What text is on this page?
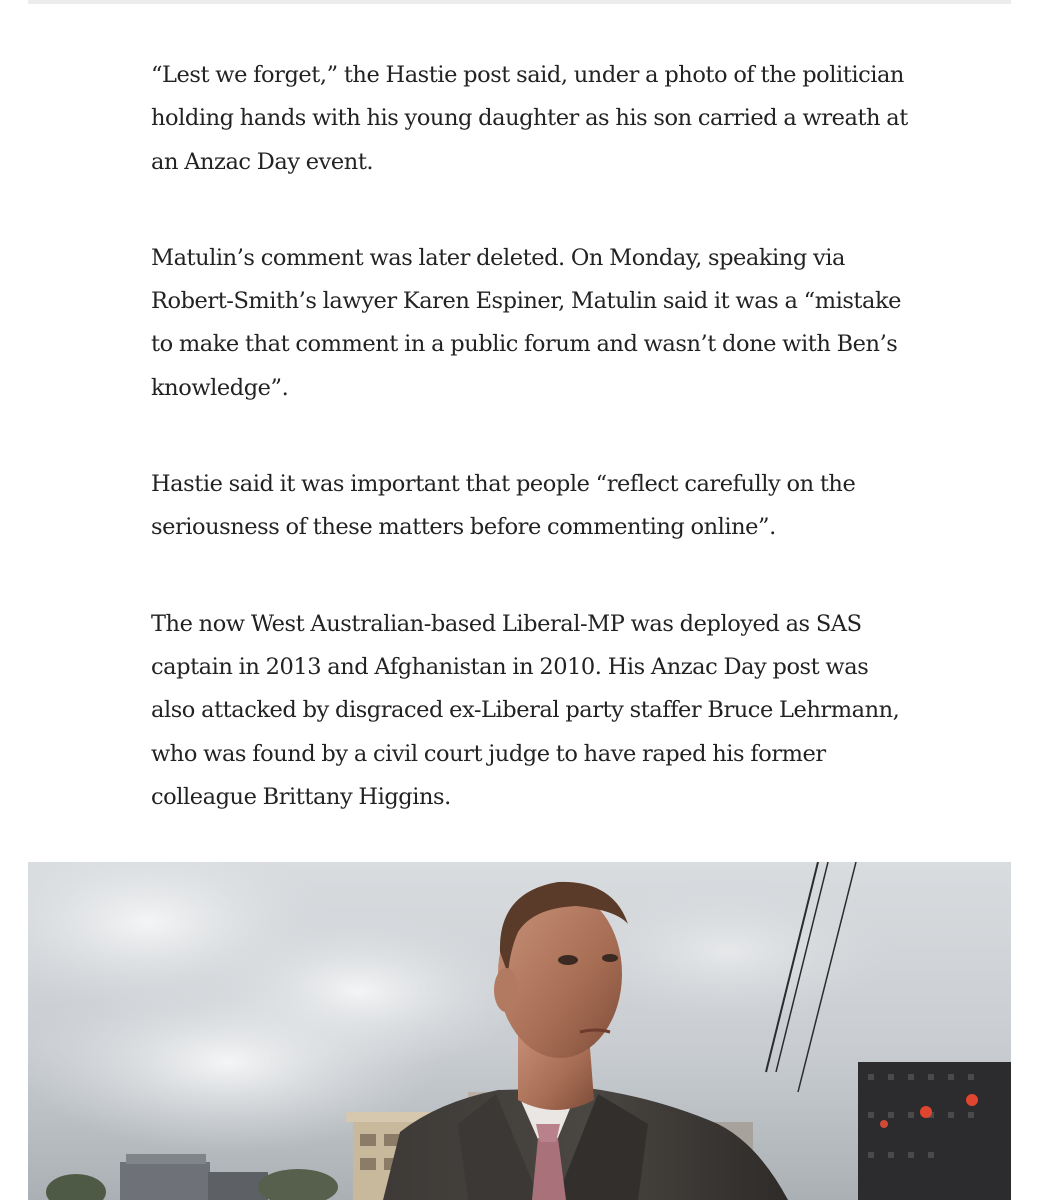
“Lest we forget,” the Hastie post said, under a photo of the politician holding hands with his young daughter as his son carried a wreath at an Anzac Day event.

Matulin’s comment was later deleted. On Monday, speaking via Robert-Smith’s lawyer Karen Espiner, Matulin said it was a “mistake to make that comment in a public forum and wasn’t done with Ben’s knowledge”.

Hastie said it was important that people “reflect carefully on the seriousness of these matters before commenting online”.

The now West Australian-based Liberal-MP was deployed as SAS captain in 2013 and Afghanistan in 2010. His Anzac Day post was also attacked by disgraced ex-Liberal party staffer Bruce Lehrmann, who was found by a civil court judge to have raped his former colleague Brittany Higgins.
